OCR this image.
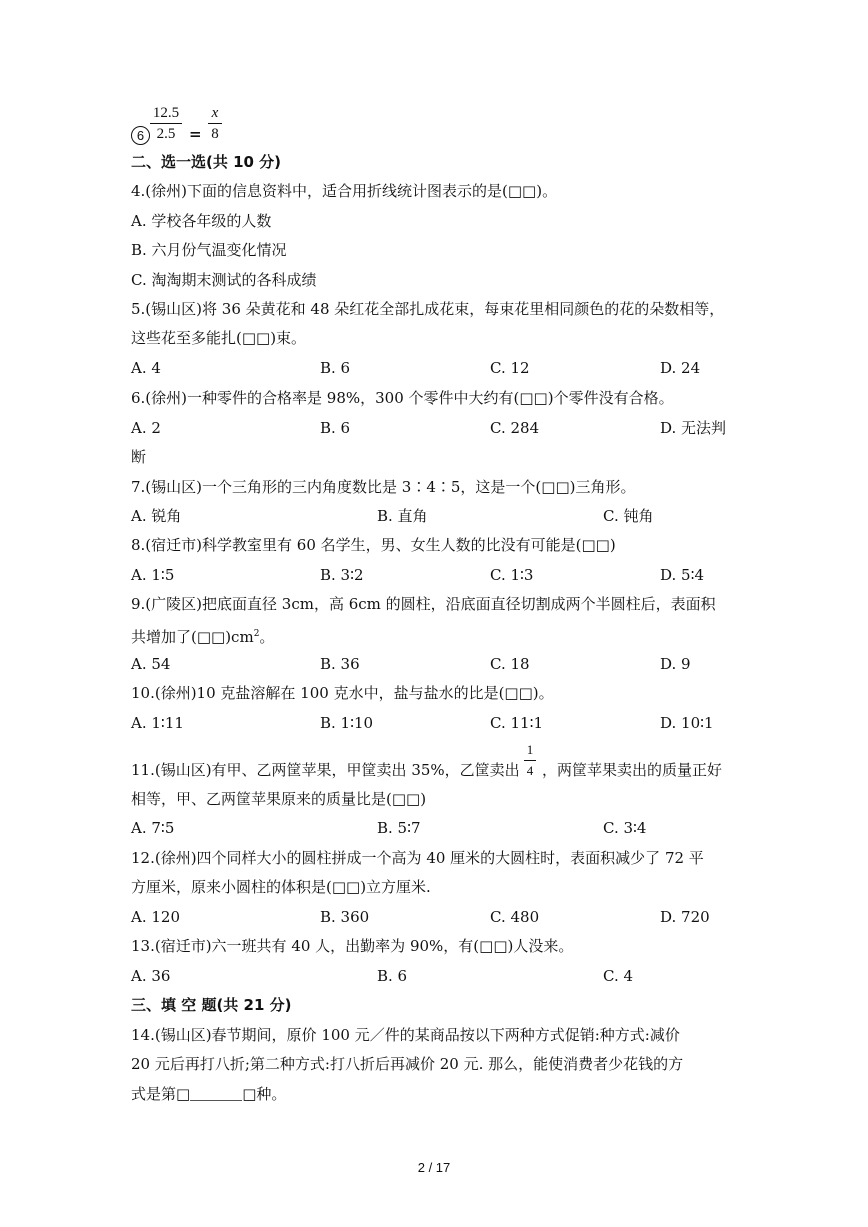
6
12.5
2.5 =
x
8
二、选一选(共 10 分)
4.(徐州)下面的信息资料中，适合用折线统计图表示的是(□□)。
A. 学校各年级的人数
B. 六月份气温变化情况
C. 淘淘期末测试的各科成绩
5.(锡山区)将 36 朵黄花和 48 朵红花全部扎成花束，每束花里相同颜色的花的朵数相等，
这些花至多能扎(□□)束。
A. 4	B. 6	C. 12	D. 24
6.(徐州)一种零件的合格率是 98%，300 个零件中大约有(□□)个零件没有合格。
A. 2	B. 6	C. 284	D. 无法判
断
7.(锡山区)一个三角形的三内角度数比是 3∶4∶5，这是一个(□□)三角形。
A. 锐角	B. 直角	C. 钝角
8.(宿迁市)科学教室里有 60 名学生，男、女生人数的比没有可能是(□□)
A. 1∶5	B. 3∶2	C. 1∶3	D. 5∶4
9.(广陵区)把底面直径 3cm，高 6cm 的圆柱，沿底面直径切割成两个半圆柱后，表面积
共增加了$(□□)cm^2$。
A. 54	B. 36	C. 18	D. 9
10.(徐州)10 克盐溶解在 100 克水中，盐与盐水的比是(□□)。
A. 1∶11	B. 1∶10	C. 11∶1	D. 10∶1
11.(锡山区)有甲、乙两筐苹果，甲筐卖出 35%，乙筐卖出
1
4 ，两筐苹果卖出的质量正好
相等，甲、乙两筐苹果原来的质量比是(□□)
A. 7∶5	B. 5∶7	C. 3∶4
12.(徐州)四个同样大小的圆柱拼成一个高为 40 厘米的大圆柱时，表面积减少了 72 平
方厘米，原来小圆柱的体积是(□□)立方厘米.
A. 120	B. 360	C. 480	D. 720
13.(宿迁市)六一班共有 40 人，出勤率为 90%，有(□□)人没来。
A. 36	B. 6	C. 4
三、填 空 题(共 21 分)
14.(锡山区)春节期间，原价 100 元／件的某商品按以下两种方式促销:种方式:减价
20 元后再打八折;第二种方式:打八折后再减价 20 元. 那么，能使消费者少花钱的方
式是第□	□种。
2 / 17
